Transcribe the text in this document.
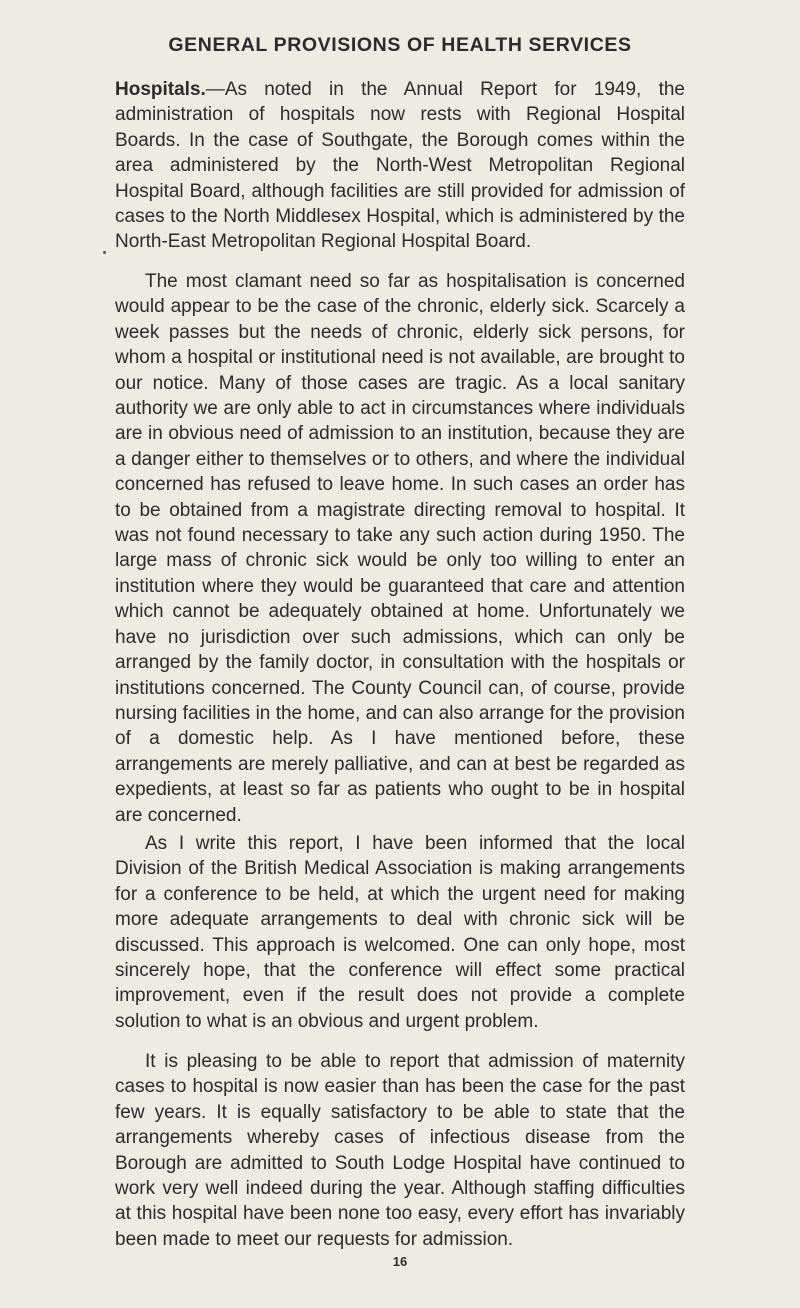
GENERAL PROVISIONS OF HEALTH SERVICES

Hospitals.—As noted in the Annual Report for 1949, the administration of hospitals now rests with Regional Hospital Boards. In the case of Southgate, the Borough comes within the area administered by the North-West Metropolitan Regional Hospital Board, although facilities are still provided for admission of cases to the North Middlesex Hospital, which is administered by the North-East Metropolitan Regional Hospital Board.

The most clamant need so far as hospitalisation is concerned would appear to be the case of the chronic, elderly sick. Scarcely a week passes but the needs of chronic, elderly sick persons, for whom a hospital or institutional need is not available, are brought to our notice. Many of those cases are tragic. As a local sanitary authority we are only able to act in circumstances where individuals are in obvious need of admission to an institution, because they are a danger either to themselves or to others, and where the individual concerned has refused to leave home. In such cases an order has to be obtained from a magistrate directing removal to hospital. It was not found necessary to take any such action during 1950. The large mass of chronic sick would be only too willing to enter an institution where they would be guaranteed that care and attention which cannot be adequately obtained at home. Unfortunately we have no jurisdiction over such admissions, which can only be arranged by the family doctor, in consultation with the hospitals or institutions concerned. The County Council can, of course, provide nursing facilities in the home, and can also arrange for the provision of a domestic help. As I have mentioned before, these arrangements are merely palliative, and can at best be regarded as expedients, at least so far as patients who ought to be in hospital are concerned.

As I write this report, I have been informed that the local Division of the British Medical Association is making arrangements for a conference to be held, at which the urgent need for making more adequate arrangements to deal with chronic sick will be discussed. This approach is welcomed. One can only hope, most sincerely hope, that the conference will effect some practical improvement, even if the result does not provide a complete solution to what is an obvious and urgent problem.

It is pleasing to be able to report that admission of maternity cases to hospital is now easier than has been the case for the past few years. It is equally satisfactory to be able to state that the arrangements whereby cases of infectious disease from the Borough are admitted to South Lodge Hospital have continued to work very well indeed during the year. Although staffing difficulties at this hospital have been none too easy, every effort has invariably been made to meet our requests for admission.

16
